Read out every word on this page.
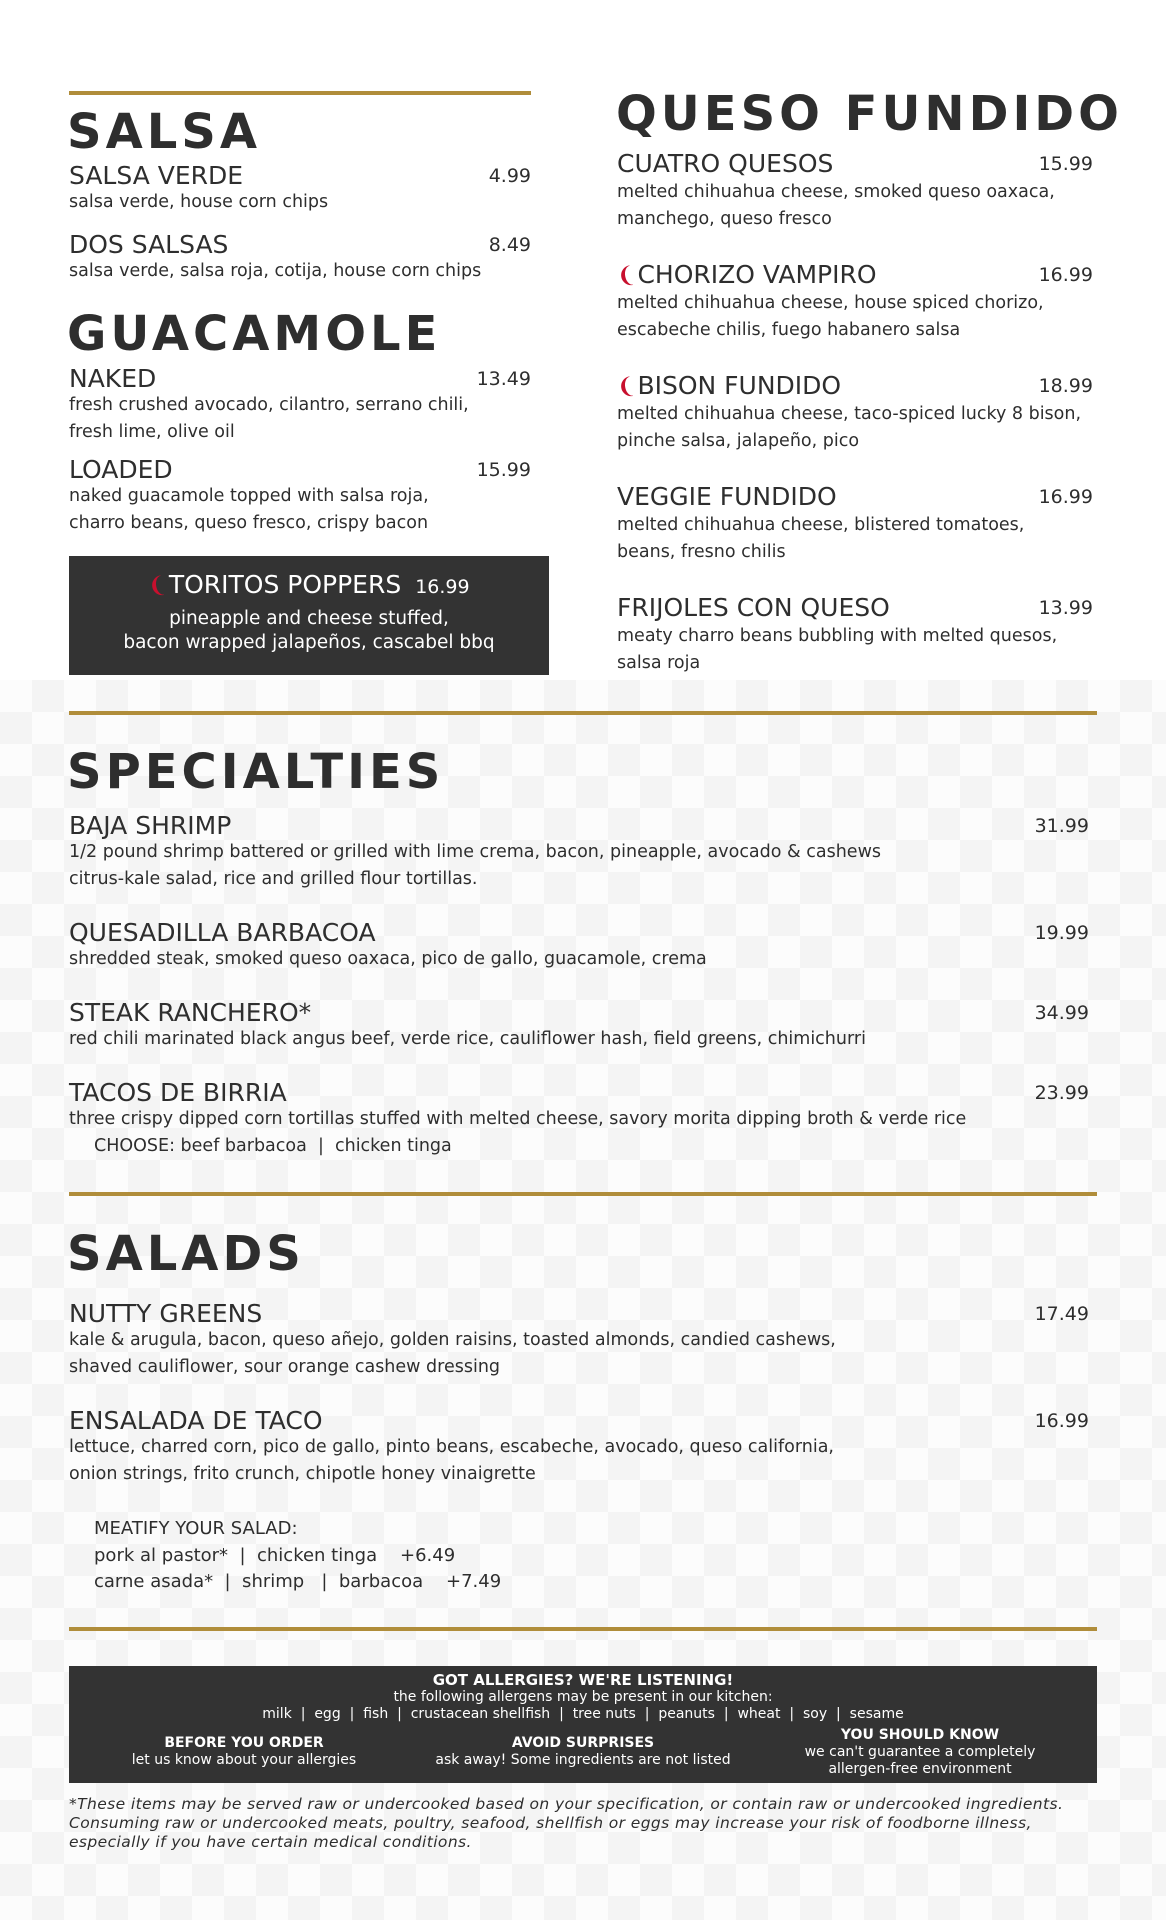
SALSA
SALSA VERDE	4.99
salsa verde, house corn chips
DOS SALSAS	8.49
salsa verde, salsa roja, cotija, house corn chips
GUACAMOLE
NAKED	13.49
fresh crushed avocado, cilantro, serrano chili, fresh lime, olive oil
LOADED	15.99
naked guacamole topped with salsa roja, charro beans, queso fresco, crispy bacon
❨TORITOS POPPERS 16.99
pineapple and cheese stuffed,
bacon wrapped jalapeños, cascabel bbq
QUESO FUNDIDO
CUATRO QUESOS	15.99
melted chihuahua cheese, smoked queso oaxaca, manchego, queso fresco
❨CHORIZO VAMPIRO	16.99
melted chihuahua cheese, house spiced chorizo, escabeche chilis, fuego habanero salsa
❨BISON FUNDIDO	18.99
melted chihuahua cheese, taco-spiced lucky 8 bison, pinche salsa, jalapeño, pico
VEGGIE FUNDIDO	16.99
melted chihuahua cheese, blistered tomatoes, beans, fresno chilis
FRIJOLES CON QUESO	13.99
meaty charro beans bubbling with melted quesos, salsa roja
SPECIALTIES
BAJA SHRIMP	31.99
1/2 pound shrimp battered or grilled with lime crema, bacon, pineapple, avocado & cashews
citrus-kale salad, rice and grilled flour tortillas.
QUESADILLA BARBACOA	19.99
shredded steak, smoked queso oaxaca, pico de gallo, guacamole, crema
STEAK RANCHERO*	34.99
red chili marinated black angus beef, verde rice, cauliflower hash, field greens, chimichurri
TACOS DE BIRRIA	23.99
three crispy dipped corn tortillas stuffed with melted cheese, savory morita dipping broth & verde rice
CHOOSE: beef barbacoa  |  chicken tinga
SALADS
NUTTY GREENS	17.49
kale & arugula, bacon, queso añejo, golden raisins, toasted almonds, candied cashews,
shaved cauliflower, sour orange cashew dressing
ENSALADA DE TACO	16.99
lettuce, charred corn, pico de gallo, pinto beans, escabeche, avocado, queso california,
onion strings, frito crunch, chipotle honey vinaigrette
MEATIFY YOUR SALAD:
pork al pastor*  |  chicken tinga    +6.49
carne asada*  |  shrimp   |  barbacoa    +7.49
GOT ALLERGIES? WE'RE LISTENING!
the following allergens may be present in our kitchen:
milk  |  egg  |  fish  |  crustacean shellfish  |  tree nuts  |  peanuts  |  wheat  |  soy  |  sesame
BEFORE YOU ORDER
let us know about your allergies
AVOID SURPRISES
ask away! Some ingredients are not listed
YOU SHOULD KNOW
we can't guarantee a completely
allergen-free environment
*These items may be served raw or undercooked based on your specification, or contain raw or undercooked ingredients.
Consuming raw or undercooked meats, poultry, seafood, shellfish or eggs may increase your risk of foodborne illness,
especially if you have certain medical conditions.
